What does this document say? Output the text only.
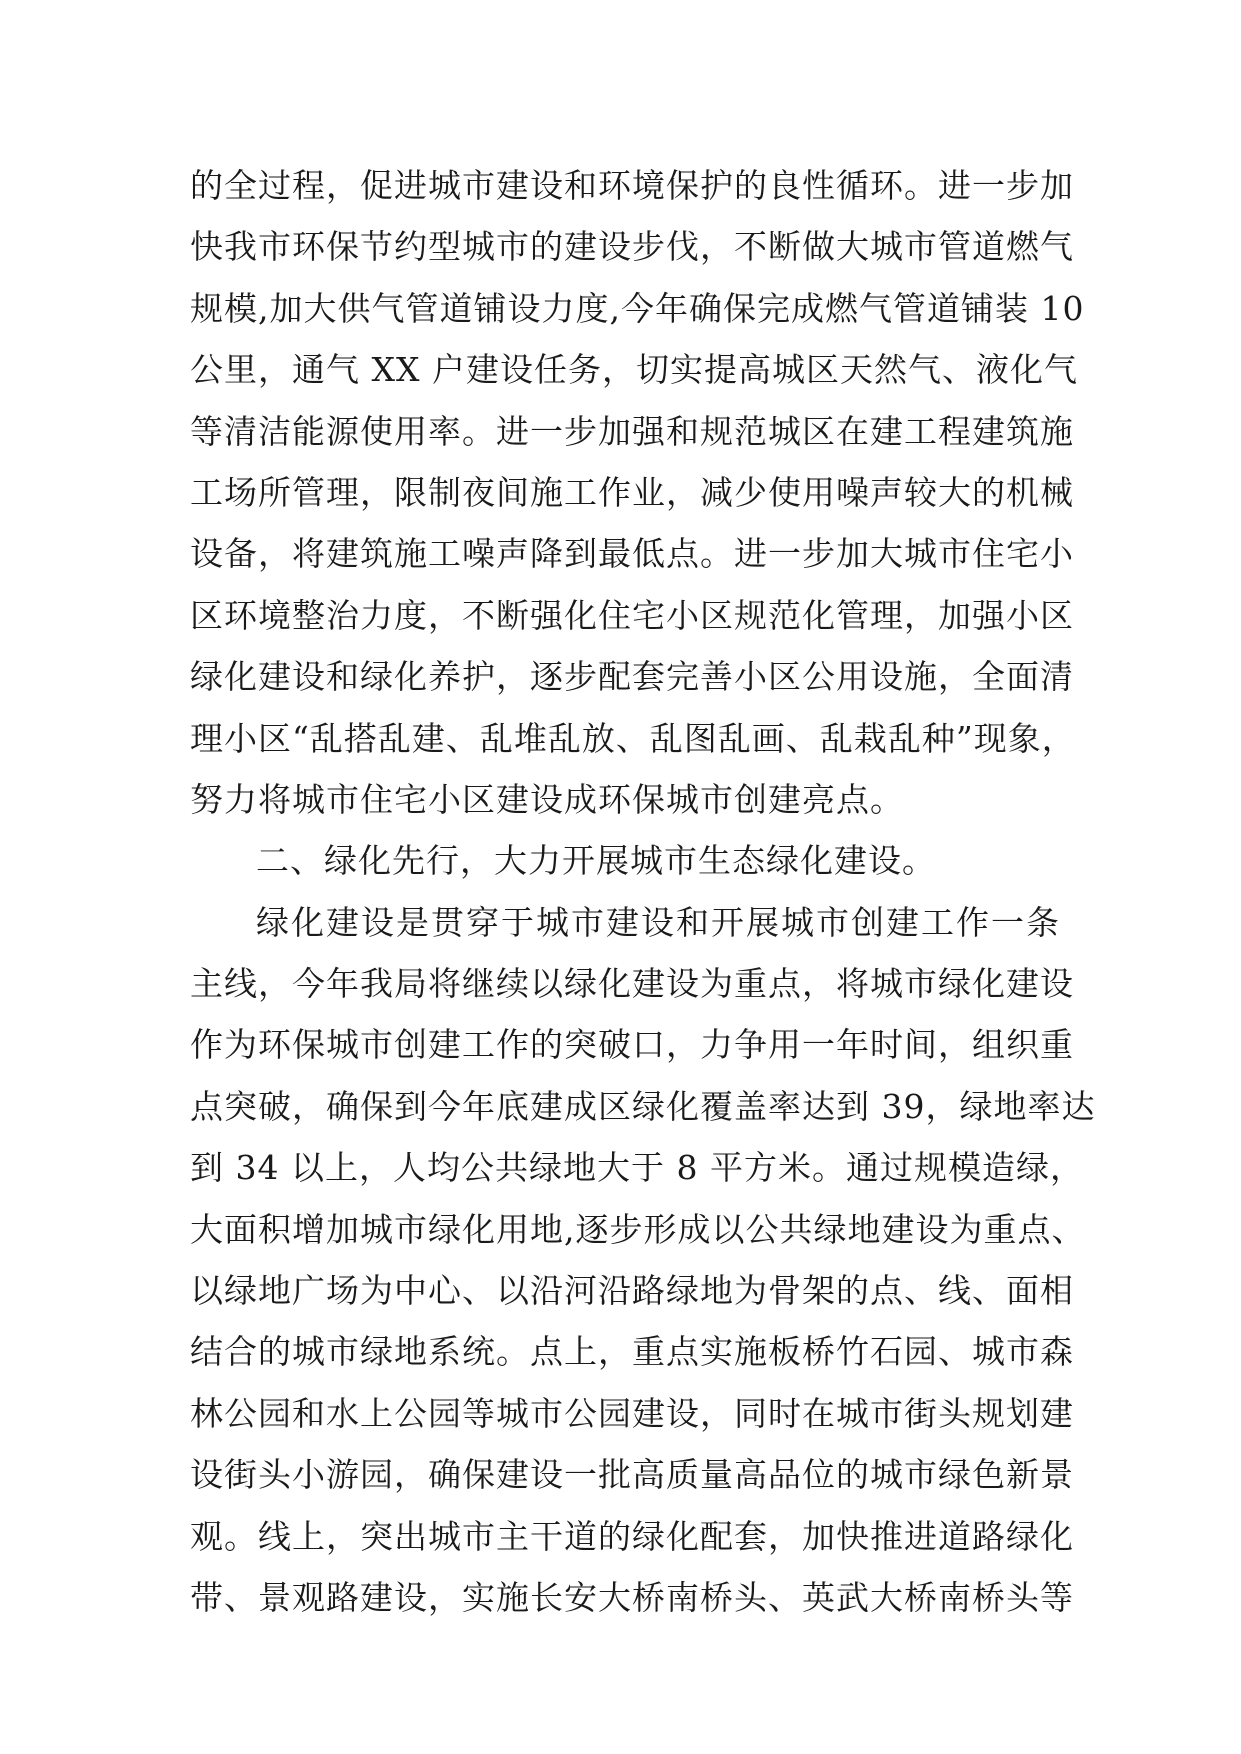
的全过程，促进城市建设和环境保护的良性循环。进一步加
快我市环保节约型城市的建设步伐，不断做大城市管道燃气
规模,加大供气管道铺设力度,今年确保完成燃气管道铺装 10
公里，通气 XX 户建设任务，切实提高城区天然气、液化气
等清洁能源使用率。进一步加强和规范城区在建工程建筑施
工场所管理，限制夜间施工作业，减少使用噪声较大的机械
设备，将建筑施工噪声降到最低点。进一步加大城市住宅小
区环境整治力度，不断强化住宅小区规范化管理，加强小区
绿化建设和绿化养护，逐步配套完善小区公用设施，全面清
理小区“乱搭乱建、乱堆乱放、乱图乱画、乱栽乱种”现象，
努力将城市住宅小区建设成环保城市创建亮点。
二、绿化先行，大力开展城市生态绿化建设。
绿化建设是贯穿于城市建设和开展城市创建工作一条
主线，今年我局将继续以绿化建设为重点，将城市绿化建设
作为环保城市创建工作的突破口，力争用一年时间，组织重
点突破，确保到今年底建成区绿化覆盖率达到 39，绿地率达
到 34 以上，人均公共绿地大于 8 平方米。通过规模造绿，
大面积增加城市绿化用地,逐步形成以公共绿地建设为重点、
以绿地广场为中心、以沿河沿路绿地为骨架的点、线、面相
结合的城市绿地系统。点上，重点实施板桥竹石园、城市森
林公园和水上公园等城市公园建设，同时在城市街头规划建
设街头小游园，确保建设一批高质量高品位的城市绿色新景
观。线上，突出城市主干道的绿化配套，加快推进道路绿化
带、景观路建设，实施长安大桥南桥头、英武大桥南桥头等
